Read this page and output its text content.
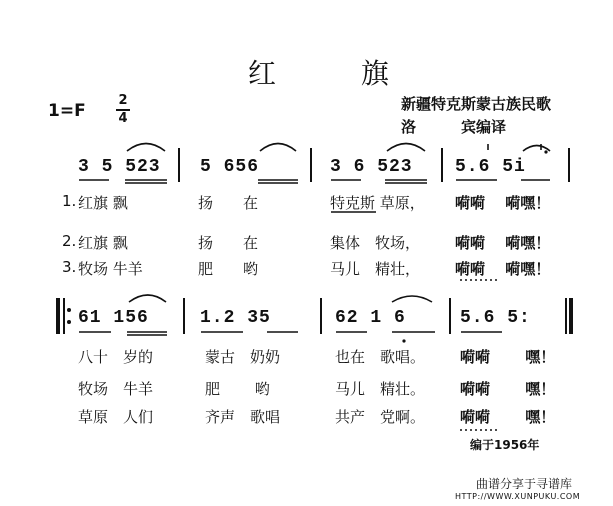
红 旗
1=F
2
4
新疆特克斯蒙古族民歌
洛　　　宾编译
3 5 523 5 656	3 6 523 5.6 5i
1. 红旗 飘	扬　　在	特克斯 草原， 嗬嗬　 嗬嘿！
2. 红旗 飘	扬　　在	集体　牧场， 嗬嗬　 嗬嘿！
3. 牧场 牛羊	肥　　哟	马儿　精壮， 嗬嗬　 嗬嘿！
61 156	1.2 35	62 1 6	5.6 5:
八十　岁的	蒙古　奶奶	也在　歌唱。 嗬嗬　　 嘿！
牧场　牛羊	肥　　 哟	马儿　精壮。 嗬嗬　　 嘿！
草原　人们	齐声　歌唱	共产　党啊。 嗬嗬　　 嘿！
编于1956年
曲谱分享于寻谱库
HTTP://WWW.XUNPUKU.COM
